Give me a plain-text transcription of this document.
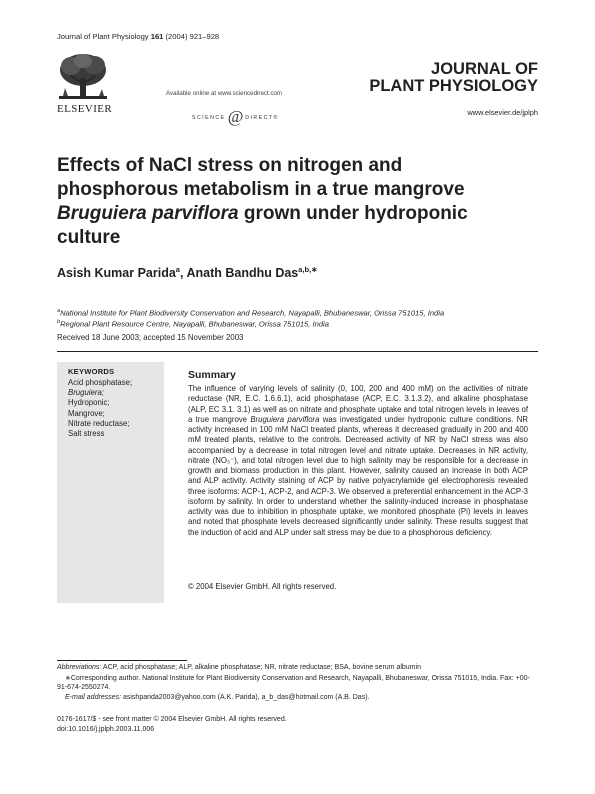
Journal of Plant Physiology 161 (2004) 921–928
ELSEVIER
Available online at www.sciencedirect.com
SCIENCE @ DIRECT®
JOURNAL OF
PLANT PHYSIOLOGY
www.elsevier.de/jplph
Effects of NaCl stress on nitrogen and
phosphorous metabolism in a true mangrove
Bruguiera parviflora grown under hydroponic
culture
Asish Kumar Parida$^a$, Anath Bandhu Das$^{a,b,∗}$
$^a$National Institute for Plant Biodiversity Conservation and Research, Nayapalli, Bhubaneswar, Orissa 751015, India
$^b$Regional Plant Resource Centre, Nayapalli, Bhubaneswar, Orissa 751015, India
Received 18 June 2003; accepted 15 November 2003
KEYWORDS
Acid phosphatase;
Bruguiera;
Hydroponic;
Mangrove;
Nitrate reductase;
Salt stress
Summary
The influence of varying levels of salinity (0, 100, 200 and 400 mM) on the activities of nitrate reductase (NR, E.C. 1.6.6.1), acid phosphatase (ACP, E.C. 3.1.3.2), and alkaline phosphatase (ALP, EC 3.1. 3.1) as well as on nitrate and phosphate uptake and total nitrogen levels in leaves of a true mangrove Bruguiera parviflora was investigated under hydroponic culture conditions. NR activity increased in 100 mM NaCl treated plants, whereas it decreased gradually in 200 and 400 mM treated plants, relative to the controls. Decreased activity of NR by NaCl stress was also accompanied by a decrease in total nitrogen level and nitrate uptake. Decreases in NR activity, nitrate (NO₃⁻), and total nitrogen level due to high salinity may be responsible for a decrease in growth and biomass production in this plant. However, salinity caused an increase in both ACP and ALP activity. Activity staining of ACP by native polyacrylamide gel electrophoresis revealed three isoforms: ACP-1, ACP-2, and ACP-3. We observed a preferential enhancement in the ACP-3 isoform by salinity. In order to understand whether the salinity-induced increase in phosphatase activity was due to inhibition in phosphate uptake, we monitored phosphate (Pi) levels in leaves and noted that phosphate levels decreased significantly under salinity. These results suggest that the induction of acid and ALP under salt stress may be due to a phosphorous deficiency.
© 2004 Elsevier GmbH. All rights reserved.
Abbreviations: ACP, acid phosphatase; ALP, alkaline phosphatase; NR, nitrate reductase; BSA, bovine serum albumin
∗Corresponding author. National Institute for Plant Biodiversity Conservation and Research, Nayapalli, Bhubaneswar, Orissa 751015, India. Fax: +00-91-674-2550274.
E-mail addresses: asishparida2003@yahoo.com (A.K. Parida), a_b_das@hotmail.com (A.B. Das).
0176-1617/$ - see front matter © 2004 Elsevier GmbH. All rights reserved.
doi:10.1016/j.jplph.2003.11.006
